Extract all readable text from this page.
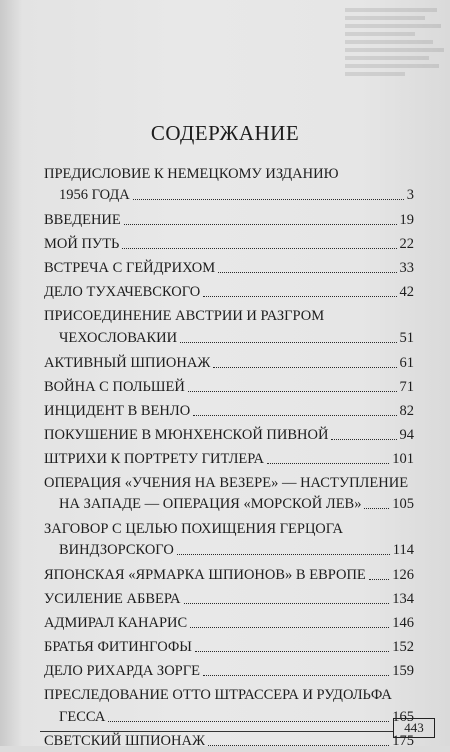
СОДЕРЖАНИЕ
ПРЕДИСЛОВИЕ К НЕМЕЦКОМУ ИЗДАНИЮ
1956 ГОДА	3
ВВЕДЕНИЕ	19
МОЙ ПУТЬ	22
ВСТРЕЧА С ГЕЙДРИХОМ	33
ДЕЛО ТУХАЧЕВСКОГО	42
ПРИСОЕДИНЕНИЕ АВСТРИИ И РАЗГРОМ
ЧЕХОСЛОВАКИИ	51
АКТИВНЫЙ ШПИОНАЖ	61
ВОЙНА С ПОЛЬШЕЙ	71
ИНЦИДЕНТ В ВЕНЛО	82
ПОКУШЕНИЕ В МЮНХЕНСКОЙ ПИВНОЙ	94
ШТРИХИ К ПОРТРЕТУ ГИТЛЕРА	101
ОПЕРАЦИЯ «УЧЕНИЯ НА ВЕЗЕРЕ» — НАСТУПЛЕНИЕ
НА ЗАПАДЕ — ОПЕРАЦИЯ «МОРСКОЙ ЛЕВ» 105
ЗАГОВОР С ЦЕЛЬЮ ПОХИЩЕНИЯ ГЕРЦОГА
ВИНДЗОРСКОГО	114
ЯПОНСКАЯ «ЯРМАРКА ШПИОНОВ» В ЕВРОПЕ 126
УСИЛЕНИЕ АБВЕРА	134
АДМИРАЛ КАНАРИС	146
БРАТЬЯ ФИТИНГОФЫ	152
ДЕЛО РИХАРДА ЗОРГЕ	159
ПРЕСЛЕДОВАНИЕ ОТТО ШТРАССЕРА И РУДОЛЬФА
ГЕССА	165
СВЕТСКИЙ ШПИОНАЖ	175
443
